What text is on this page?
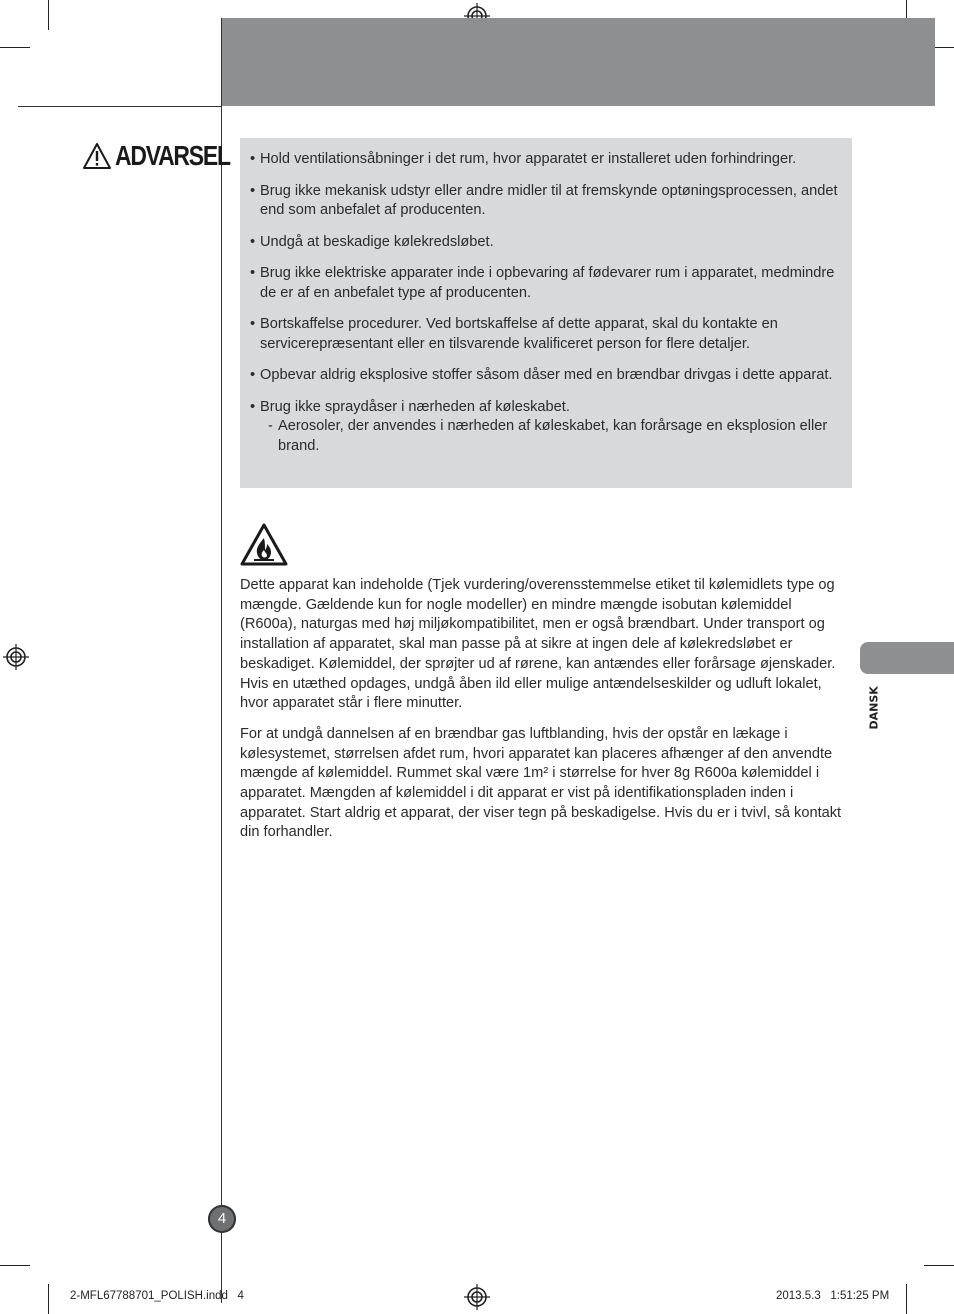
ADVARSEL • Hold ventilationsåbninger i det rum, hvor apparatet er installeret uden forhindringer.
• Brug ikke mekanisk udstyr eller andre midler til at fremskynde optøningsprocessen, andet end som anbefalet af producenten.
• Undgå at beskadige kølekredsløbet.
• Brug ikke elektriske apparater inde i opbevaring af fødevarer rum i apparatet, medmindre de er af en anbefalet type af producenten.
• Bortskaffelse procedurer. Ved bortskaffelse af dette apparat, skal du kontakte en servicerepræsentant eller en tilsvarende kvalificeret person for flere detaljer.
• Opbevar aldrig eksplosive stoffer såsom dåser med en brændbar drivgas i dette apparat.
• Brug ikke spraydåser i nærheden af køleskabet.
- Aerosoler, der anvendes i nærheden af køleskabet, kan forårsage en eksplosion eller brand.

Dette apparat kan indeholde (Tjek vurdering/overensstemmelse etiket til kølemidlets type og mængde. Gældende kun for nogle modeller) en mindre mængde isobutan kølemiddel (R600a), naturgas med høj miljøkompatibilitet, men er også brændbart. Under transport og installation af apparatet, skal man passe på at sikre at ingen dele af kølekredsløbet er beskadiget. Kølemiddel, der sprøjter ud af rørene, kan antændes eller forårsage øjenskader. Hvis en utæthed opdages, undgå åben ild eller mulige antændelseskilder og udluft lokalet, hvor apparatet står i flere minutter.

For at undgå dannelsen af en brændbar gas luftblanding, hvis der opstår en lækage i kølesystemet, størrelsen afdet rum, hvori apparatet kan placeres afhænger af den anvendte mængde af kølemiddel. Rummet skal være 1m² i størrelse for hver 8g R600a kølemiddel i apparatet. Mængden af kølemiddel i dit apparat er vist på identifikationspladen inden i apparatet. Start aldrig et apparat, der viser tegn på beskadigelse. Hvis du er i tvivl, så kontakt din forhandler.

DANSK
4
2-MFL67788701_POLISH.indd   4	2013.5.3   1:51:25 PM
